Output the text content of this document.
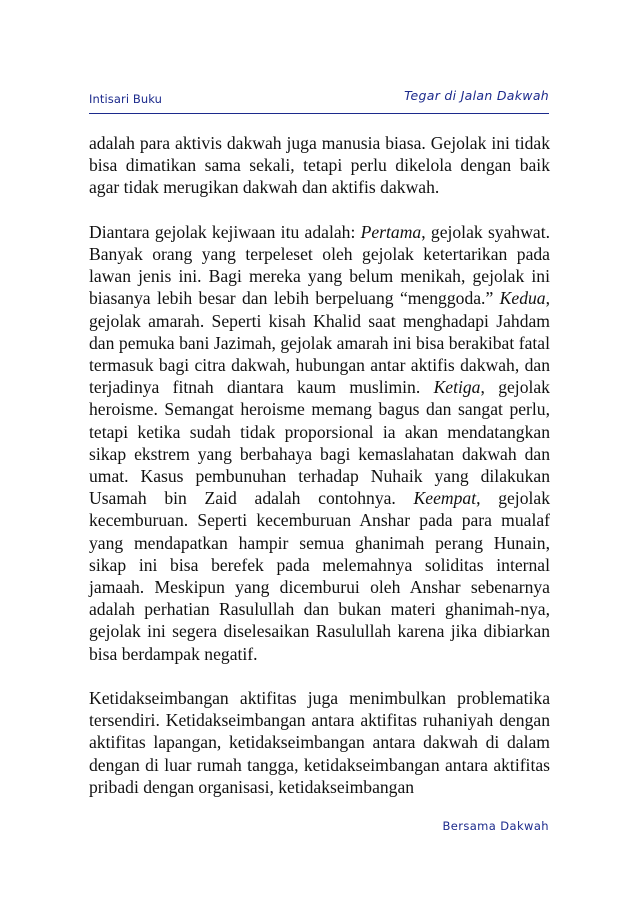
Intisari Buku	Tegar di Jalan Dakwah

adalah para aktivis dakwah juga manusia biasa. Gejolak ini tidak bisa dimatikan sama sekali, tetapi perlu dikelola dengan baik agar tidak merugikan dakwah dan aktifis dakwah.

Diantara gejolak kejiwaan itu adalah: Pertama, gejolak syahwat. Banyak orang yang terpeleset oleh gejolak ketertarikan pada lawan jenis ini. Bagi mereka yang belum menikah, gejolak ini biasanya lebih besar dan lebih berpeluang “menggoda.” Kedua, gejolak amarah. Seperti kisah Khalid saat menghadapi Jahdam dan pemuka bani Jazimah, gejolak amarah ini bisa berakibat fatal termasuk bagi citra dakwah, hubungan antar aktifis dakwah, dan terjadinya fitnah diantara kaum muslimin. Ketiga, gejolak heroisme. Semangat heroisme memang bagus dan sangat perlu, tetapi ketika sudah tidak proporsional ia akan mendatangkan sikap ekstrem yang berbahaya bagi kemaslahatan dakwah dan umat. Kasus pembunuhan terhadap Nuhaik yang dilakukan Usamah bin Zaid adalah contohnya. Keempat, gejolak kecemburuan. Seperti kecemburuan Anshar pada para mualaf yang mendapatkan hampir semua ghanimah perang Hunain, sikap ini bisa berefek pada melemahnya soliditas internal jamaah. Meskipun yang dicemburui oleh Anshar sebenarnya adalah perhatian Rasulullah dan bukan materi ghanimah-nya, gejolak ini segera diselesaikan Rasulullah karena jika dibiarkan bisa berdampak negatif.

Ketidakseimbangan aktifitas juga menimbulkan problematika tersendiri. Ketidakseimbangan antara aktifitas ruhaniyah dengan aktifitas lapangan, ketidakseimbangan antara dakwah di dalam dengan di luar rumah tangga, ketidakseimbangan antara aktifitas pribadi dengan organisasi, ketidakseimbangan

Bersama Dakwah
